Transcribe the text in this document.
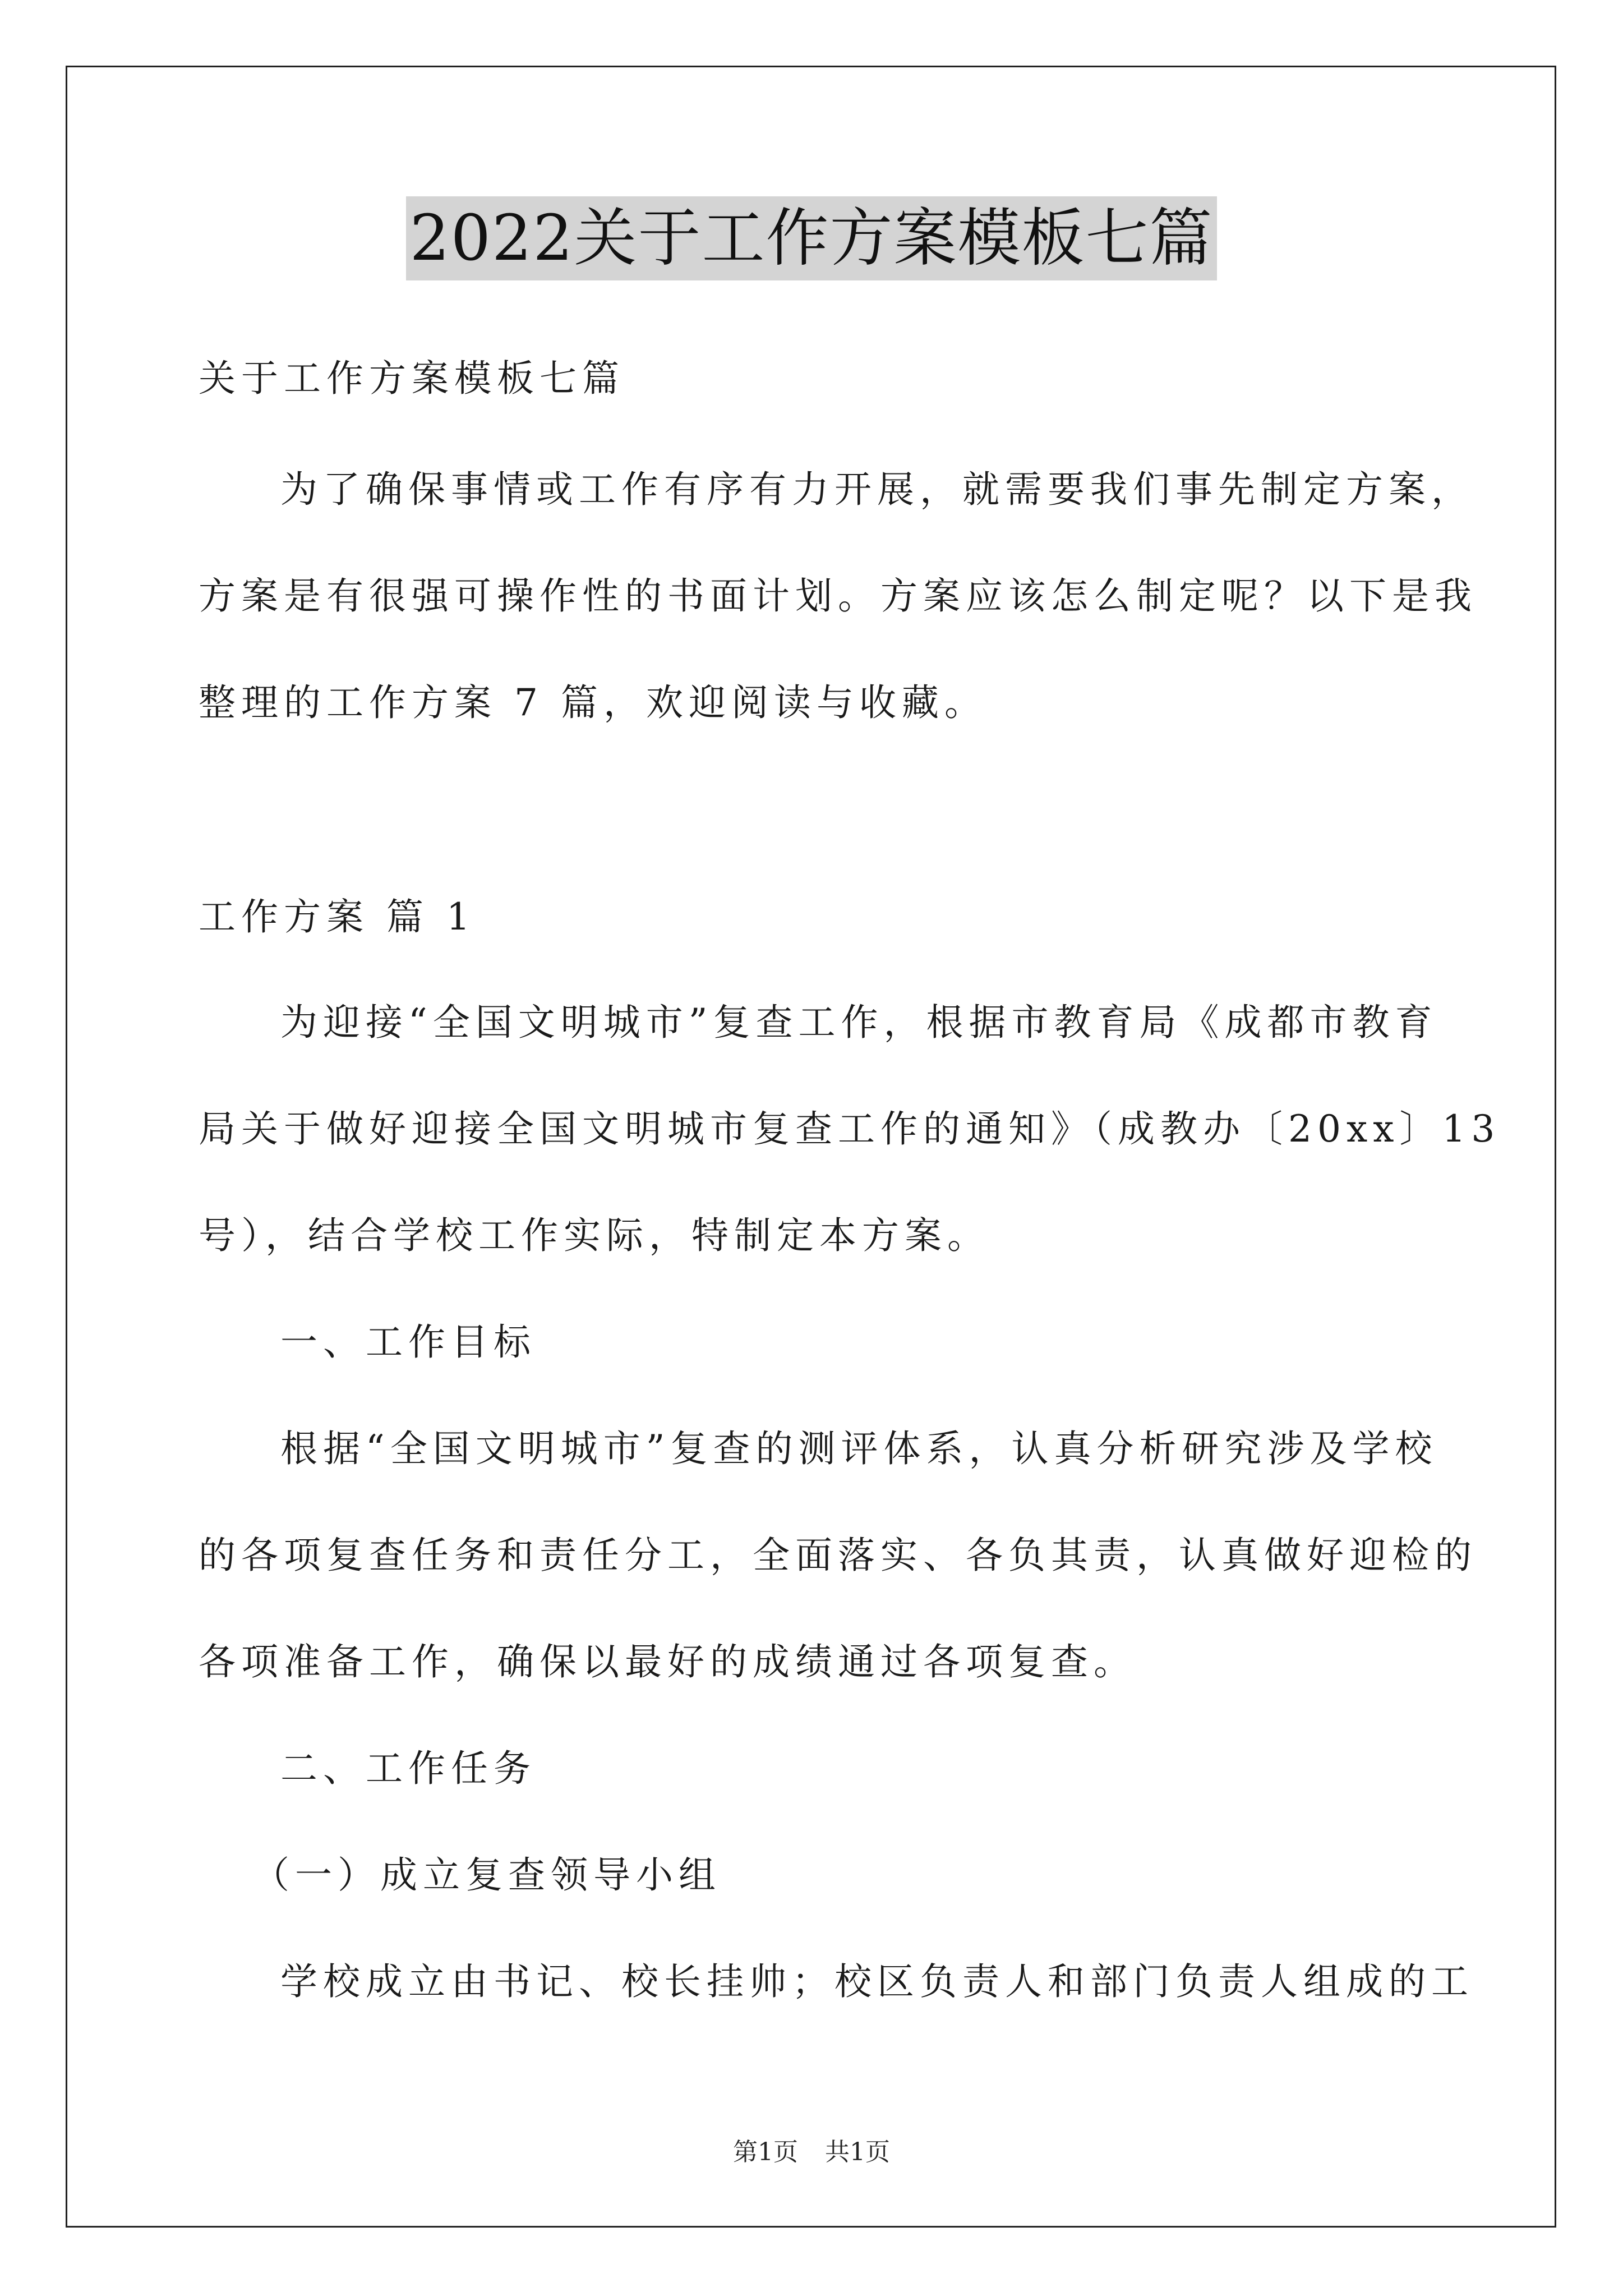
2022关于工作方案模板七篇
关于工作方案模板七篇
为了确保事情或工作有序有力开展，就需要我们事先制定方案，
方案是有很强可操作性的书面计划。方案应该怎么制定呢？以下是我
整理的工作方案 7 篇，欢迎阅读与收藏。
工作方案 篇 1
为迎接“全国文明城市”复查工作，根据市教育局《成都市教育
局关于做好迎接全国文明城市复查工作的通知》（成教办〔20xx〕13
号），结合学校工作实际，特制定本方案。
一、工作目标
根据“全国文明城市”复查的测评体系，认真分析研究涉及学校
的各项复查任务和责任分工，全面落实、各负其责，认真做好迎检的
各项准备工作，确保以最好的成绩通过各项复查。
二、工作任务
（一）成立复查领导小组
学校成立由书记、校长挂帅；校区负责人和部门负责人组成的工
第1页 共1页
